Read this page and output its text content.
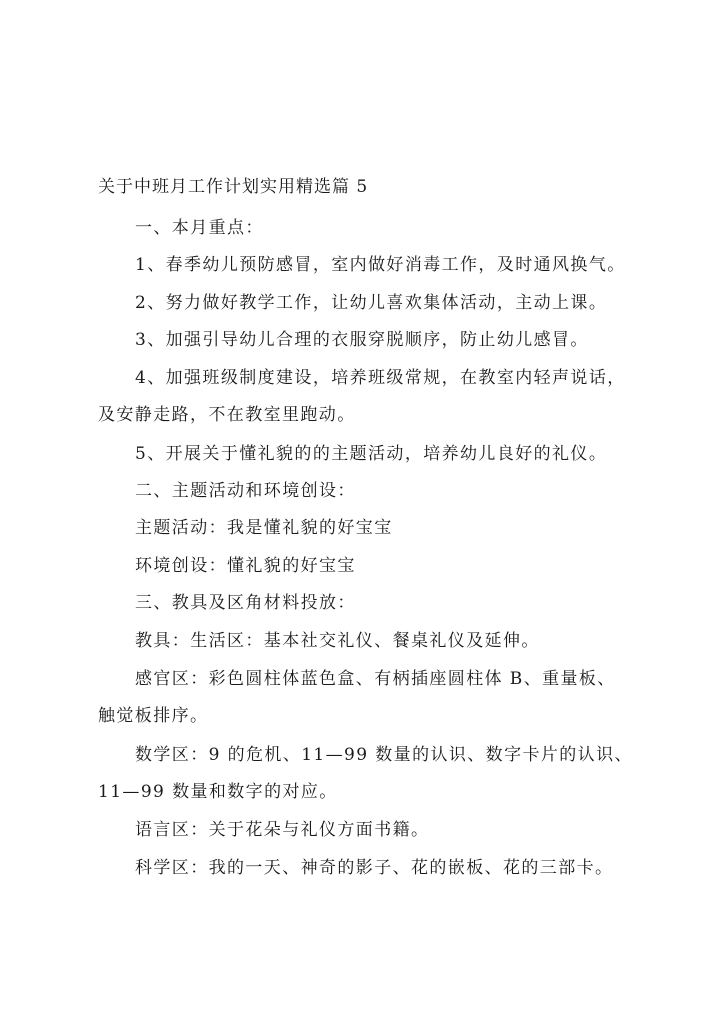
关于中班月工作计划实用精选篇 5
一、本月重点：
1、春季幼儿预防感冒，室内做好消毒工作，及时通风换气。
2、努力做好教学工作，让幼儿喜欢集体活动，主动上课。
3、加强引导幼儿合理的衣服穿脱顺序，防止幼儿感冒。
4、加强班级制度建设，培养班级常规，在教室内轻声说话，
及安静走路，不在教室里跑动。
5、开展关于懂礼貌的的主题活动，培养幼儿良好的礼仪。
二、主题活动和环境创设：
主题活动：我是懂礼貌的好宝宝
环境创设：懂礼貌的好宝宝
三、教具及区角材料投放：
教具：生活区：基本社交礼仪、餐桌礼仪及延伸。
感官区：彩色圆柱体蓝色盒、有柄插座圆柱体 B、重量板、
触觉板排序。
数学区：9 的危机、11—99 数量的认识、数字卡片的认识、
11—99 数量和数字的对应。
语言区：关于花朵与礼仪方面书籍。
科学区：我的一天、神奇的影子、花的嵌板、花的三部卡。
